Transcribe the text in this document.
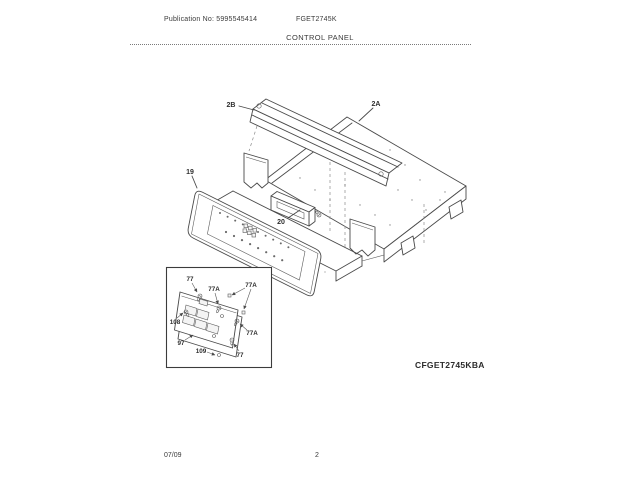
Publication No: 5995545414	FGET2745K
CONTROL PANEL
2B	2A
19
20
77
77A
77A
108
77A
97
109
77
CFGET2745KBA
07/09	2
